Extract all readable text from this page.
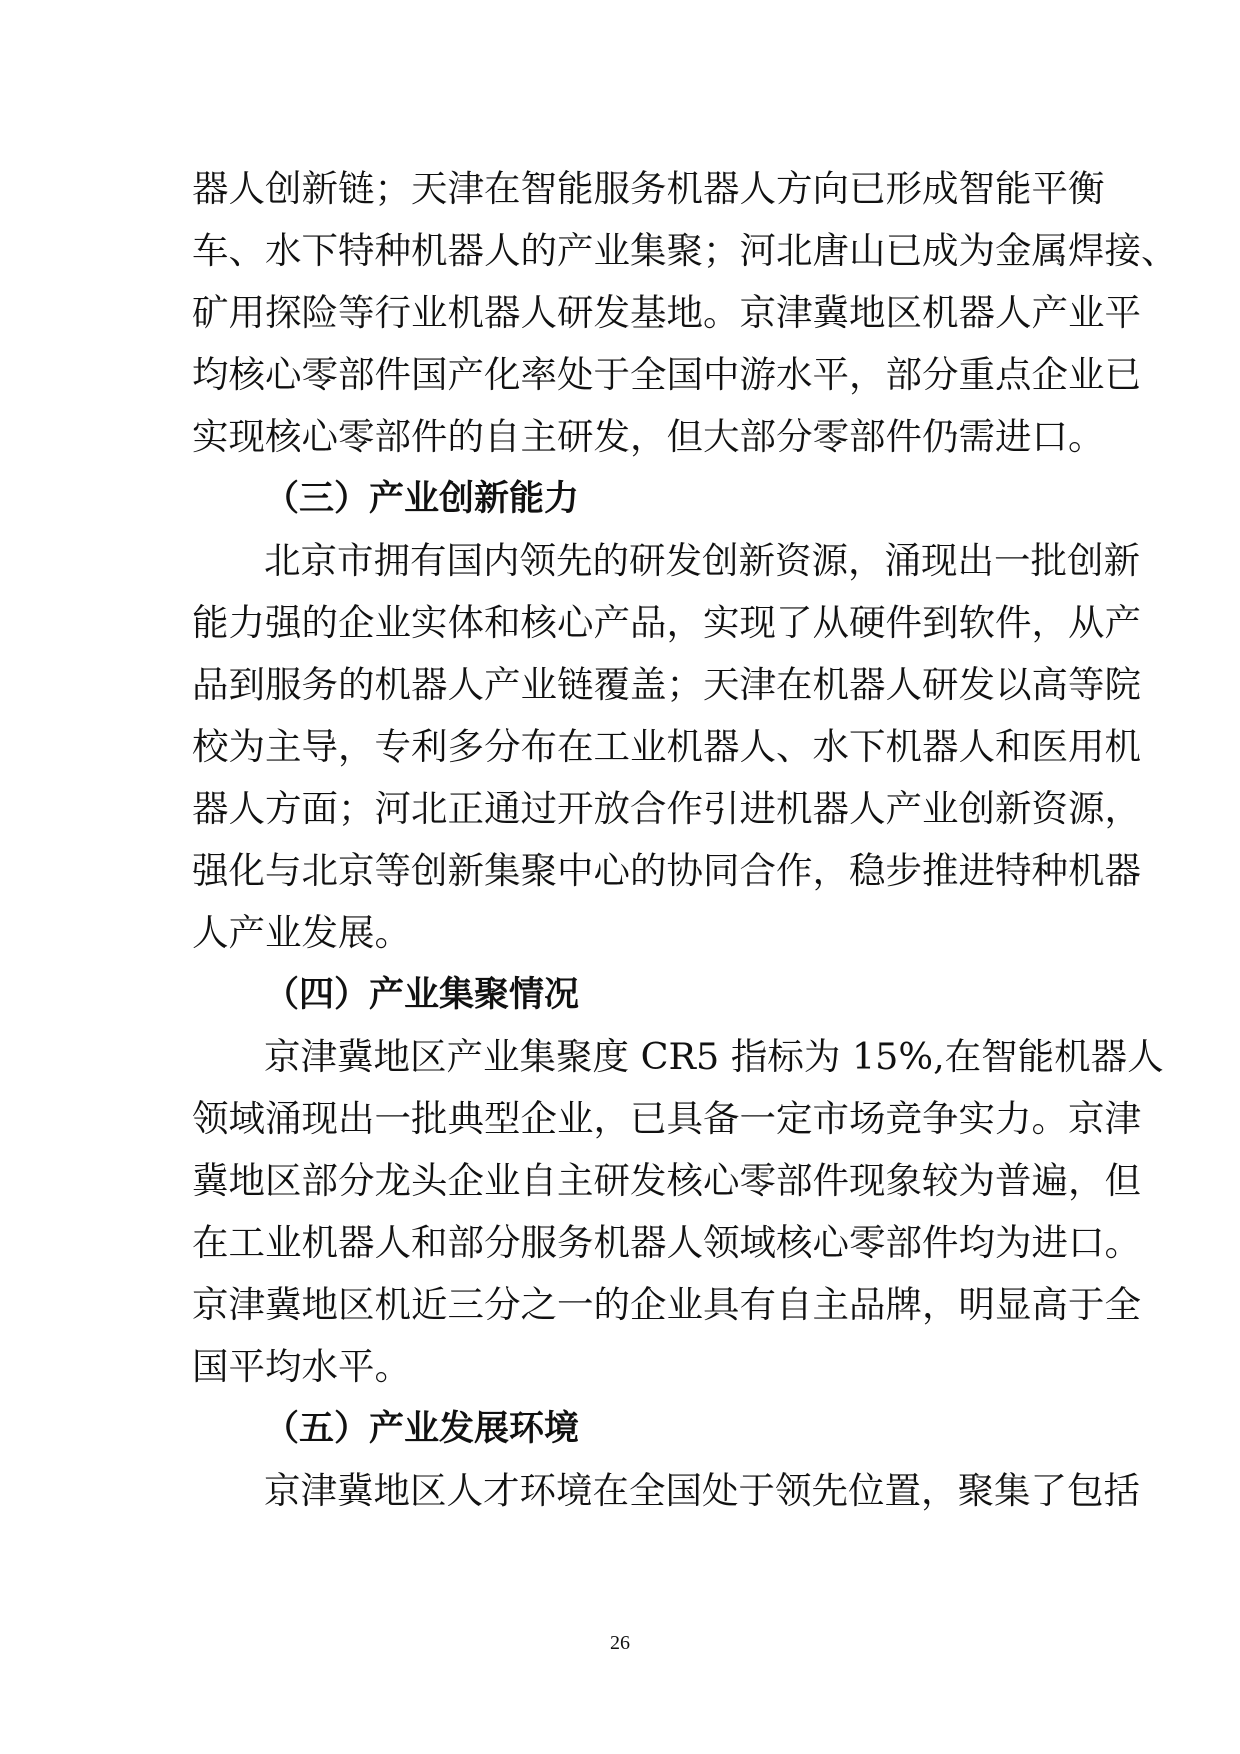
器人创新链；天津在智能服务机器人方向已形成智能平衡
车、水下特种机器人的产业集聚；河北唐山已成为金属焊接、
矿用探险等行业机器人研发基地。京津冀地区机器人产业平
均核心零部件国产化率处于全国中游水平，部分重点企业已
实现核心零部件的自主研发，但大部分零部件仍需进口。
（三）产业创新能力
北京市拥有国内领先的研发创新资源，涌现出一批创新
能力强的企业实体和核心产品，实现了从硬件到软件，从产
品到服务的机器人产业链覆盖；天津在机器人研发以高等院
校为主导，专利多分布在工业机器人、水下机器人和医用机
器人方面；河北正通过开放合作引进机器人产业创新资源，
强化与北京等创新集聚中心的协同合作，稳步推进特种机器
人产业发展。
（四）产业集聚情况
京津冀地区产业集聚度 CR5 指标为 15%,在智能机器人
领域涌现出一批典型企业，已具备一定市场竞争实力。京津
冀地区部分龙头企业自主研发核心零部件现象较为普遍，但
在工业机器人和部分服务机器人领域核心零部件均为进口。
京津冀地区机近三分之一的企业具有自主品牌，明显高于全
国平均水平。
（五）产业发展环境
京津冀地区人才环境在全国处于领先位置，聚集了包括
26
